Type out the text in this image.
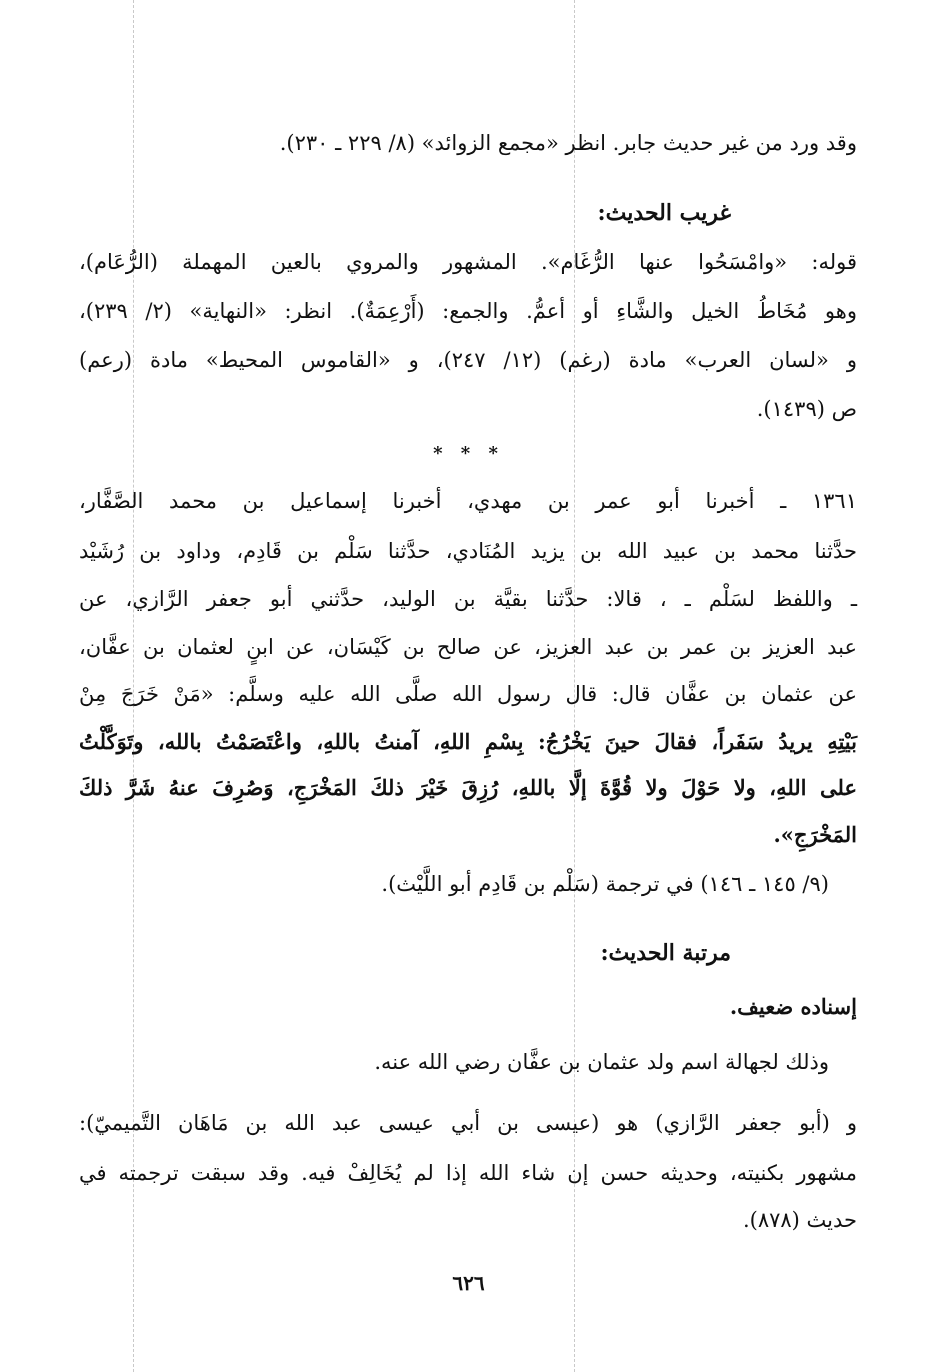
وقد ورد من غير حديث جابر. انظر «مجمع الزوائد» (٨/ ٢٢٩ ـ ٢٣٠).
غريب الحديث:
قوله: «وامْسَحُوا عنها الرُّغَام». المشهور والمروي بالعين المهملة (الرُّعَام)،
وهو مُخَاطُ الخيل والشَّاءِ أو أعمُّ. والجمع: (أَرْعِمَةٌ). انظر: «النهاية» (٢/ ٢٣٩)،
و «لسان العرب» مادة (رغم) (١٢/ ٢٤٧)، و «القاموس المحيط» مادة (رعم)
ص (١٤٣٩).
* * *
١٣٦١ ـ أخبرنا أبو عمر بن مهدي، أخبرنا إسماعيل بن محمد الصَّفَّار،
حدَّثنا محمد بن عبيد الله بن يزيد المُنَادي، حدَّثنا سَلْم بن قَادِم، وداود بن رُشَيْد
ـ واللفظ لسَلْم ـ ، قالا: حدَّثنا بقيَّة بن الوليد، حدَّثني أبو جعفر الرَّازي، عن
عبد العزيز بن عمر بن عبد العزيز، عن صالح بن كَيْسَان، عن ابنٍ لعثمان بن عفَّان،
عن عثمان بن عفَّان قال: قال رسول الله صلَّى الله عليه وسلَّم: «مَنْ خَرَجَ مِنْ
بَيْتِهِ يريدُ سَفَراً، فقالَ حينَ يَخْرُجُ: بِسْمِ اللهِ، آمنتُ باللهِ، واعْتَصَمْتُ بالله، وتَوَكَّلْتُ
على اللهِ، ولا حَوْلَ ولا قُوَّةَ إلَّا باللهِ، رُزِقَ خَيْرَ ذلكَ المَخْرَجِ، وَصُرِفَ عنهُ شَرَّ ذلكَ
المَخْرَجِ».
(٩/ ١٤٥ ـ ١٤٦) في ترجمة (سَلْم بن قَادِم أبو اللَّيْث).
مرتبة الحديث:
إسناده ضعيف.
وذلك لجهالة اسم ولد عثمان بن عفَّان رضي الله عنه.
و (أبو جعفر الرَّازي) هو (عيسى بن أبي عيسى عبد الله بن مَاهَان التَّميميّ):
مشهور بكنيته، وحديثه حسن إن شاء الله إذا لم يُخَالِفْ فيه. وقد سبقت ترجمته في
حديث (٨٧٨).
٦٢٦
